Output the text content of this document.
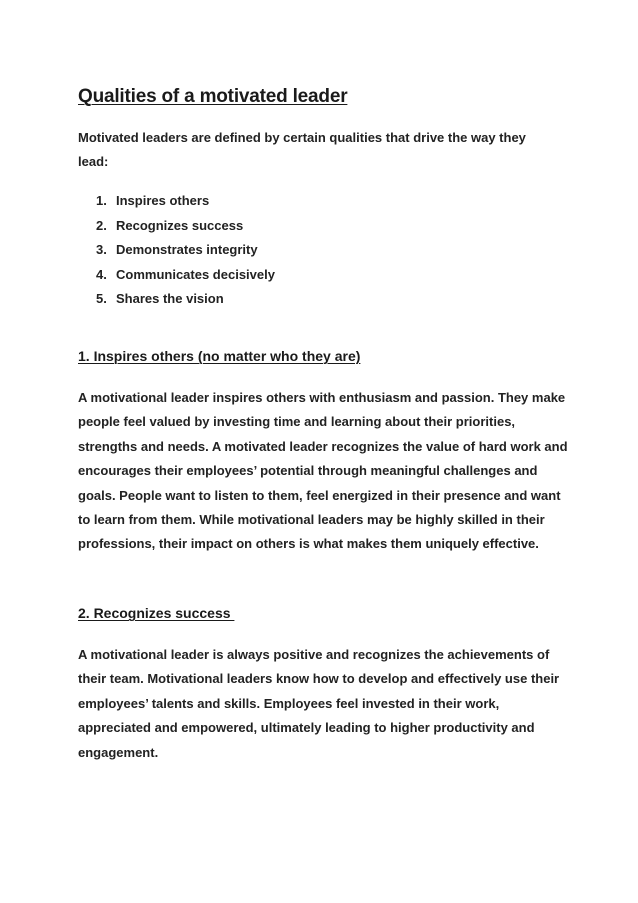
Qualities of a motivated leader

Motivated leaders are defined by certain qualities that drive the way they lead:

1. Inspires others
2. Recognizes success
3. Demonstrates integrity
4. Communicates decisively
5. Shares the vision
1. Inspires others (no matter who they are)

A motivational leader inspires others with enthusiasm and passion. They make people feel valued by investing time and learning about their priorities, strengths and needs. A motivated leader recognizes the value of hard work and encourages their employees’ potential through meaningful challenges and goals. People want to listen to them, feel energized in their presence and want to learn from them. While motivational leaders may be highly skilled in their professions, their impact on others is what makes them uniquely effective.

2. Recognizes success

A motivational leader is always positive and recognizes the achievements of their team. Motivational leaders know how to develop and effectively use their employees’ talents and skills. Employees feel invested in their work, appreciated and empowered, ultimately leading to higher productivity and engagement.
